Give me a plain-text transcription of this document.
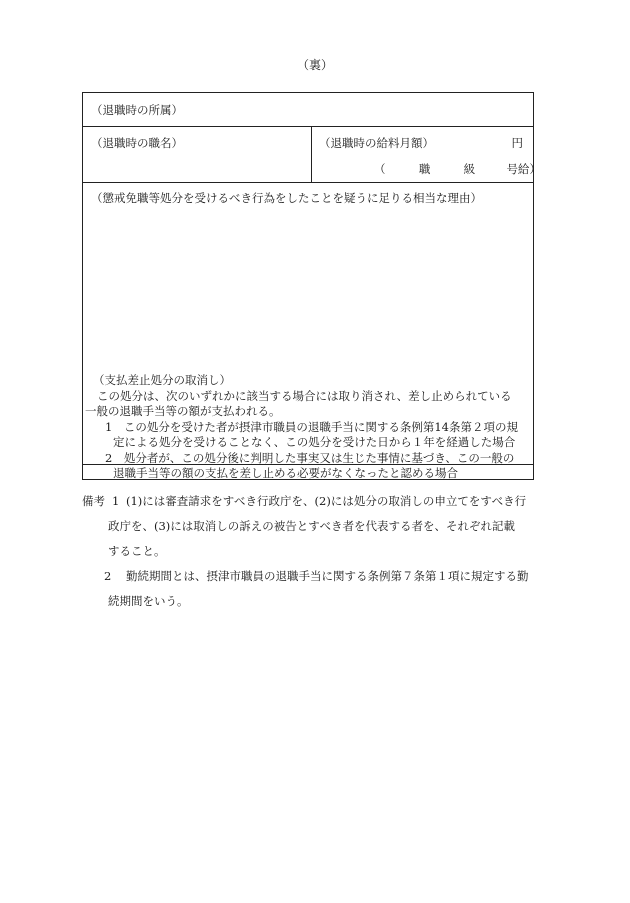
（裏）
（退職時の所属）
（退職時の職名）	（退職時の給料月額）	円
（	職	級	号給）
（懲戒免職等処分を受けるべき行為をしたことを疑うに足りる相当な理由）

（支払差止処分の取消し）

この処分は、次のいずれかに該当する場合には取り消され、差し止められている

一般の退職手当等の額が支払われる。

1　この処分を受けた者が摂津市職員の退職手当に関する条例第14条第２項の規

定による処分を受けることなく、この処分を受けた日から１年を経過した場合

2　処分者が、この処分後に判明した事実又は生じた事情に基づき、この一般の

退職手当等の額の支払を差し止める必要がなくなったと認める場合

備考 1 (1)には審査請求をすべき行政庁を、(2)には処分の取消しの申立てをすべき行
政庁を、(3)には取消しの訴えの被告とすべき者を代表する者を、それぞれ記載
すること。
2 勤続期間とは、摂津市職員の退職手当に関する条例第７条第１項に規定する勤
続期間をいう。
